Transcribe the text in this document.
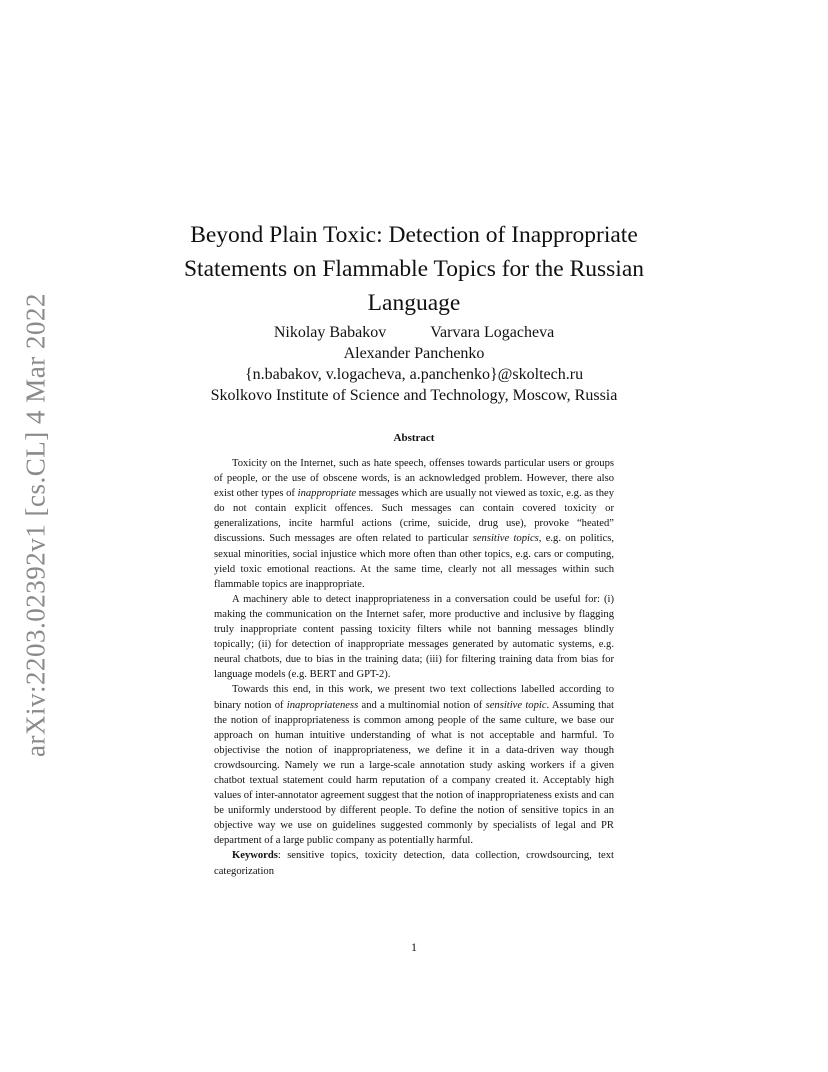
arXiv:2203.02392v1 [cs.CL] 4 Mar 2022
Beyond Plain Toxic: Detection of Inappropriate
Statements on Flammable Topics for the Russian
Language
Nikolay Babakov	Varvara Logacheva
Alexander Panchenko
{n.babakov, v.logacheva, a.panchenko}@skoltech.ru
Skolkovo Institute of Science and Technology, Moscow, Russia
Abstract

Toxicity on the Internet, such as hate speech, offenses towards particular users or groups of people, or the use of obscene words, is an acknowledged problem. However, there also exist other types of inappropriate messages which are usually not viewed as toxic, e.g. as they do not contain explicit offences. Such messages can contain covered toxicity or generalizations, incite harmful actions (crime, suicide, drug use), provoke “heated” discussions. Such messages are often related to particular sensitive topics, e.g. on politics, sexual minorities, social injustice which more often than other topics, e.g. cars or computing, yield toxic emotional reactions. At the same time, clearly not all messages within such flammable topics are inappropriate.

A machinery able to detect inappropriateness in a conversation could be useful for: (i) making the communication on the Internet safer, more productive and inclusive by flagging truly inappropriate content passing toxicity filters while not banning messages blindly topically; (ii) for detection of inappropriate messages generated by automatic systems, e.g. neural chatbots, due to bias in the training data; (iii) for filtering training data from bias for language models (e.g. BERT and GPT-2).

Towards this end, in this work, we present two text collections labelled according to binary notion of inapropriateness and a multinomial notion of sensitive topic. Assuming that the notion of inappropriateness is common among people of the same culture, we base our approach on human intuitive understanding of what is not acceptable and harmful. To objectivise the notion of inappropriateness, we define it in a data-driven way though crowdsourcing. Namely we run a large-scale annotation study asking workers if a given chatbot textual statement could harm reputation of a company created it. Acceptably high values of inter-annotator agreement suggest that the notion of inappropriateness exists and can be uniformly understood by different people. To define the notion of sensitive topics in an objective way we use on guidelines suggested commonly by specialists of legal and PR department of a large public company as potentially harmful.

Keywords: sensitive topics, toxicity detection, data collection, crowdsourcing, text categorization

1
